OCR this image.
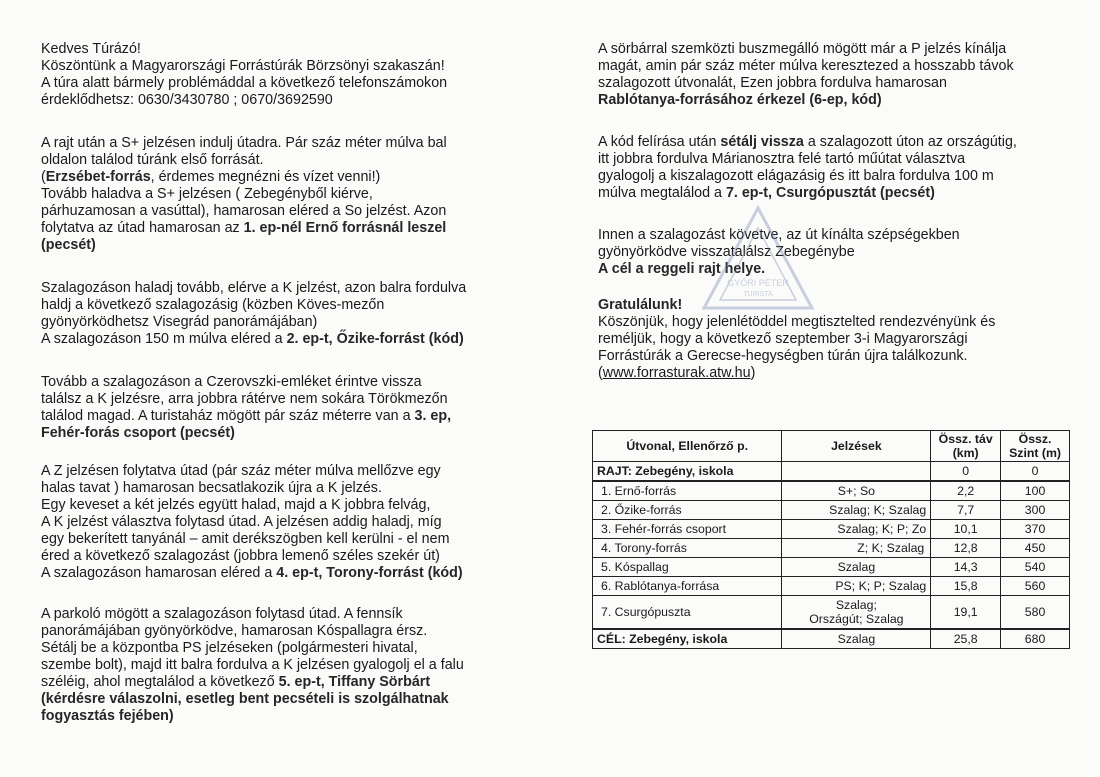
Kedves Túrázó!
Köszöntünk a Magyarországi Forrástúrák Börzsönyi szakaszán!
A túra alatt bármely problémáddal a következő telefonszámokon
érdeklődhetsz: 0630/3430780 ; 0670/3692590
A rajt után a S+ jelzésen indulj útadra. Pár száz méter múlva bal
oldalon találod túránk első forrását.
(Erzsébet-forrás, érdemes megnézni és vízet venni!)
Tovább haladva a S+ jelzésen ( Zebegényből kiérve,
párhuzamosan a vasúttal), hamarosan eléred a So jelzést. Azon
folytatva az útad hamarosan az 1. ep-nél Ernő forrásnál leszel
(pecsét)
Szalagozáson haladj tovább, elérve a K jelzést, azon balra fordulva
haldj a következő szalagozásig (közben Köves-mezőn
gyönyörködhetsz Visegrád panorámájában)
A szalagozáson 150 m múlva eléred a 2. ep-t, Őzike-forrást (kód)
Tovább a szalagozáson a Czerovszki-emléket érintve vissza
találsz a K jelzésre, arra jobbra rátérve nem sokára Törökmezőn
találod magad. A turistaház mögött pár száz méterre van a 3. ep,
Fehér-forás csoport (pecsét)
A Z jelzésen folytatva útad (pár száz méter múlva mellőzve egy
halas tavat ) hamarosan becsatlakozik újra a K jelzés.
Egy keveset a két jelzés együtt halad, majd a K jobbra felvág,
A K jelzést választva folytasd útad. A jelzésen addig haladj, míg
egy bekerített tanyánál – amit derékszögben kell kerülni - el nem
éred a következő szalagozást (jobbra lemenő széles szekér út)
A szalagozáson hamarosan eléred a 4. ep-t, Torony-forrást (kód)
A parkoló mögött a szalagozáson folytasd útad. A fennsík
panorámájában gyönyörködve, hamarosan Kóspallagra érsz.
Sétálj be a központba PS jelzéseken (polgármesteri hivatal,
szembe bolt), majd itt balra fordulva a K jelzésen gyalogolj el a falu
széléig, ahol megtalálod a következő 5. ep-t, Tiffany Sörbárt
(kérdésre válaszolni, esetleg bent pecsételi is szolgálhatnak
fogyasztás fejében)
A sörbárral szemközti buszmegálló mögött már a P jelzés kínálja
magát, amin pár száz méter múlva keresztezed a hosszabb távok
szalagozott útvonalát, Ezen jobbra fordulva hamarosan
Rablótanya-forrásához érkezel (6-ep, kód)
A kód felírása után sétálj vissza a szalagozott úton az országútig,
itt jobbra fordulva Márianosztra felé tartó műútat választva
gyalogolj a kiszalagozott elágazásig és itt balra fordulva 100 m
múlva megtalálod a 7. ep-t, Csurgópusztát (pecsét)
Innen a szalagozást követve, az út kínálta szépségekben
gyönyörködve visszatalálsz Zebegénybe
A cél a reggeli rajt helye.
Gratulálunk!
Köszönjük, hogy jelenlétöddel megtisztelted rendezvényünk és
reméljük, hogy a következő szeptember 3-i Magyarországi
Forrástúrák a Gerecse-hegységben túrán újra találkozunk.
(www.forrasturak.atw.hu)
GYŐRI PÉTER
TURISTA
Útvonal, Ellenőrző p.	Jelzések	Össz. táv (km)	Össz. Szint (m)
RAJT: Zebegény, iskola		0	0
1. Ernő-forrás	S+; So	2,2	100
2. Őzike-forrás	Szalag; K; Szalag	7,7	300
3. Fehér-forrás csoport	Szalag; K; P; Zo	10,1	370
4. Torony-forrás	Z; K; Szalag	12,8	450
5. Kóspallag	Szalag	14,3	540
6. Rablótanya-forrása	PS; K; P; Szalag	15,8	560
7. Csurgópuszta	Szalag;
Országút; Szalag	19,1	580
CÉL: Zebegény, iskola	Szalag	25,8	680
